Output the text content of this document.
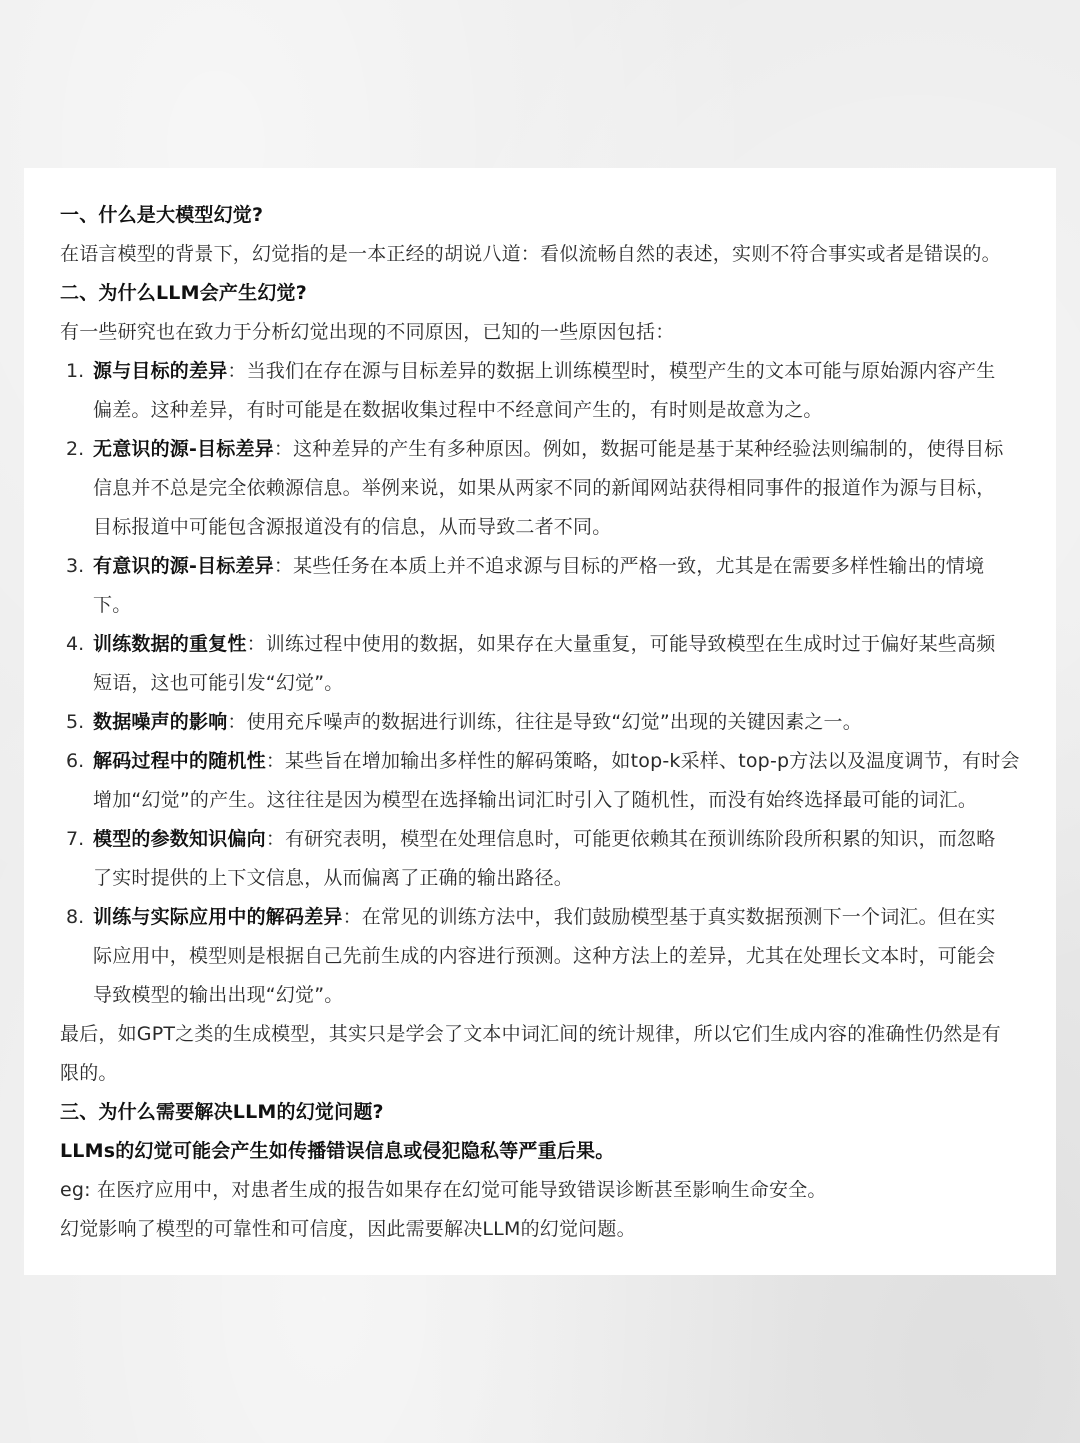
一、什么是大模型幻觉?
在语言模型的背景下，幻觉指的是一本正经的胡说八道：看似流畅自然的表述，实则不符合事实或者是错误的。
二、为什么LLM会产生幻觉?
有一些研究也在致力于分析幻觉出现的不同原因，已知的一些原因包括：
1. 源与目标的差异：当我们在存在源与目标差异的数据上训练模型时，模型产生的文本可能与原始源内容产生
偏差。这种差异，有时可能是在数据收集过程中不经意间产生的，有时则是故意为之。
2. 无意识的源-目标差异：这种差异的产生有多种原因。例如，数据可能是基于某种经验法则编制的，使得目标
信息并不总是完全依赖源信息。举例来说，如果从两家不同的新闻网站获得相同事件的报道作为源与目标，
目标报道中可能包含源报道没有的信息，从而导致二者不同。
3. 有意识的源-目标差异：某些任务在本质上并不追求源与目标的严格一致，尤其是在需要多样性输出的情境
下。
4. 训练数据的重复性：训练过程中使用的数据，如果存在大量重复，可能导致模型在生成时过于偏好某些高频
短语，这也可能引发“幻觉”。
5. 数据噪声的影响：使用充斥噪声的数据进行训练，往往是导致“幻觉”出现的关键因素之一。
6. 解码过程中的随机性：某些旨在增加输出多样性的解码策略，如top-k采样、top-p方法以及温度调节，有时会
增加“幻觉”的产生。这往往是因为模型在选择输出词汇时引入了随机性，而没有始终选择最可能的词汇。
7. 模型的参数知识偏向：有研究表明，模型在处理信息时，可能更依赖其在预训练阶段所积累的知识，而忽略
了实时提供的上下文信息，从而偏离了正确的输出路径。
8. 训练与实际应用中的解码差异：在常见的训练方法中，我们鼓励模型基于真实数据预测下一个词汇。但在实
际应用中，模型则是根据自己先前生成的内容进行预测。这种方法上的差异，尤其在处理长文本时，可能会
导致模型的输出出现“幻觉”。
最后，如GPT之类的生成模型，其实只是学会了文本中词汇间的统计规律，所以它们生成内容的准确性仍然是有
限的。
三、为什么需要解决LLM的幻觉问题?
LLMs的幻觉可能会产生如传播错误信息或侵犯隐私等严重后果。
eg: 在医疗应用中，对患者生成的报告如果存在幻觉可能导致错误诊断甚至影响生命安全。
幻觉影响了模型的可靠性和可信度，因此需要解决LLM的幻觉问题。
